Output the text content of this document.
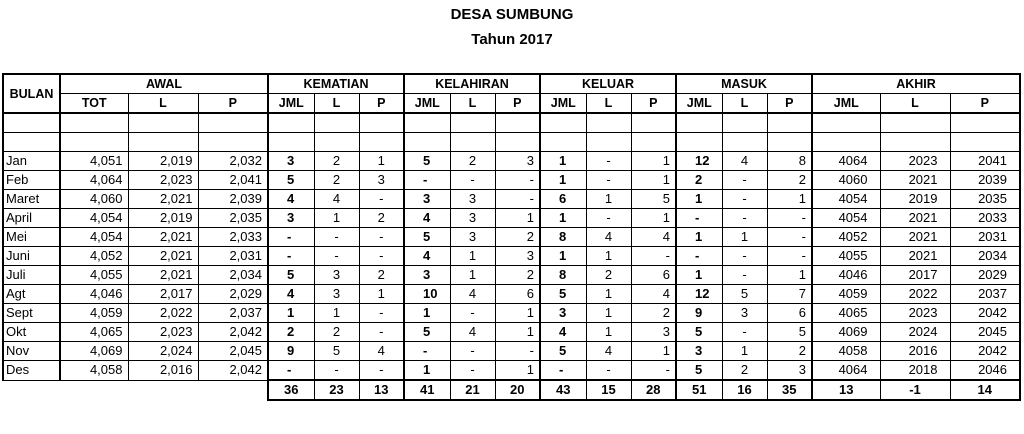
DESA SUMBUNG
Tahun 2017
BULAN	AWAL			KEMATIAN			KELAHIRAN			KELUAR			MASUK			AKHIR		
	TOT	L	P	JML	L	P	JML	L	P	JML	L	P	JML	L	P	JML	L	P

Jan	4,051	2,019	2,032	3	2	1	5	2	3	1	-	1	12	4	8	4064	2023	2041
Feb	4,064	2,023	2,041	5	2	3	-	-	-	1	-	1	2	-	2	4060	2021	2039
Maret	4,060	2,021	2,039	4	4	-	3	3	-	6	1	5	1	-	1	4054	2019	2035
April	4,054	2,019	2,035	3	1	2	4	3	1	1	-	1	-	-	-	4054	2021	2033
Mei	4,054	2,021	2,033	-	-	-	5	3	2	8	4	4	1	1	-	4052	2021	2031
Juni	4,052	2,021	2,031	-	-	-	4	1	3	1	1	-	-	-	-	4055	2021	2034
Juli	4,055	2,021	2,034	5	3	2	3	1	2	8	2	6	1	-	1	4046	2017	2029
Agt	4,046	2,017	2,029	4	3	1	10	4	6	5	1	4	12	5	7	4059	2022	2037
Sept	4,059	2,022	2,037	1	1	-	1	-	1	3	1	2	9	3	6	4065	2023	2042
Okt	4,065	2,023	2,042	2	2	-	5	4	1	4	1	3	5	-	5	4069	2024	2045
Nov	4,069	2,024	2,045	9	5	4	-	-	-	5	4	1	3	1	2	4058	2016	2042
Des	4,058	2,016	2,042	-	-	-	1	-	1	-	-	-	5	2	3	4064	2018	2046
				36	23	13	41	21	20	43	15	28	51	16	35	13	-1	14
